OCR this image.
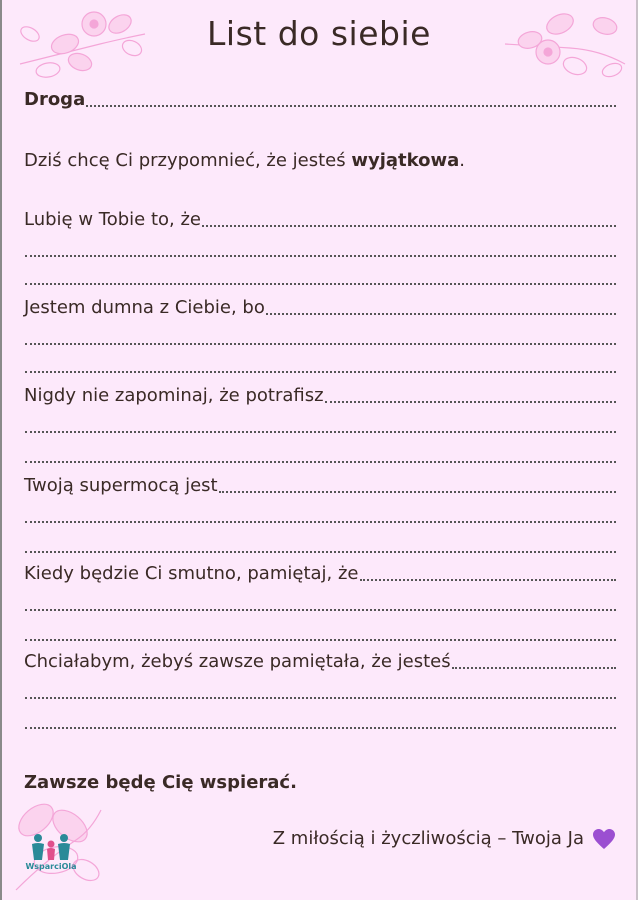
List do siebie
Droga
Dziś chcę Ci przypomnieć, że jesteś wyjątkowa.
Lubię w Tobie to, że
Jestem dumna z Ciebie, bo
Nigdy nie zapominaj, że potrafisz
Twoją supermocą jest
Kiedy będzie Ci smutno, pamiętaj, że
Chciałabym, żebyś zawsze pamiętała, że jesteś
Zawsze będę Cię wspierać.
Z miłością i życzliwością – Twoja Ja
WsparciOla
